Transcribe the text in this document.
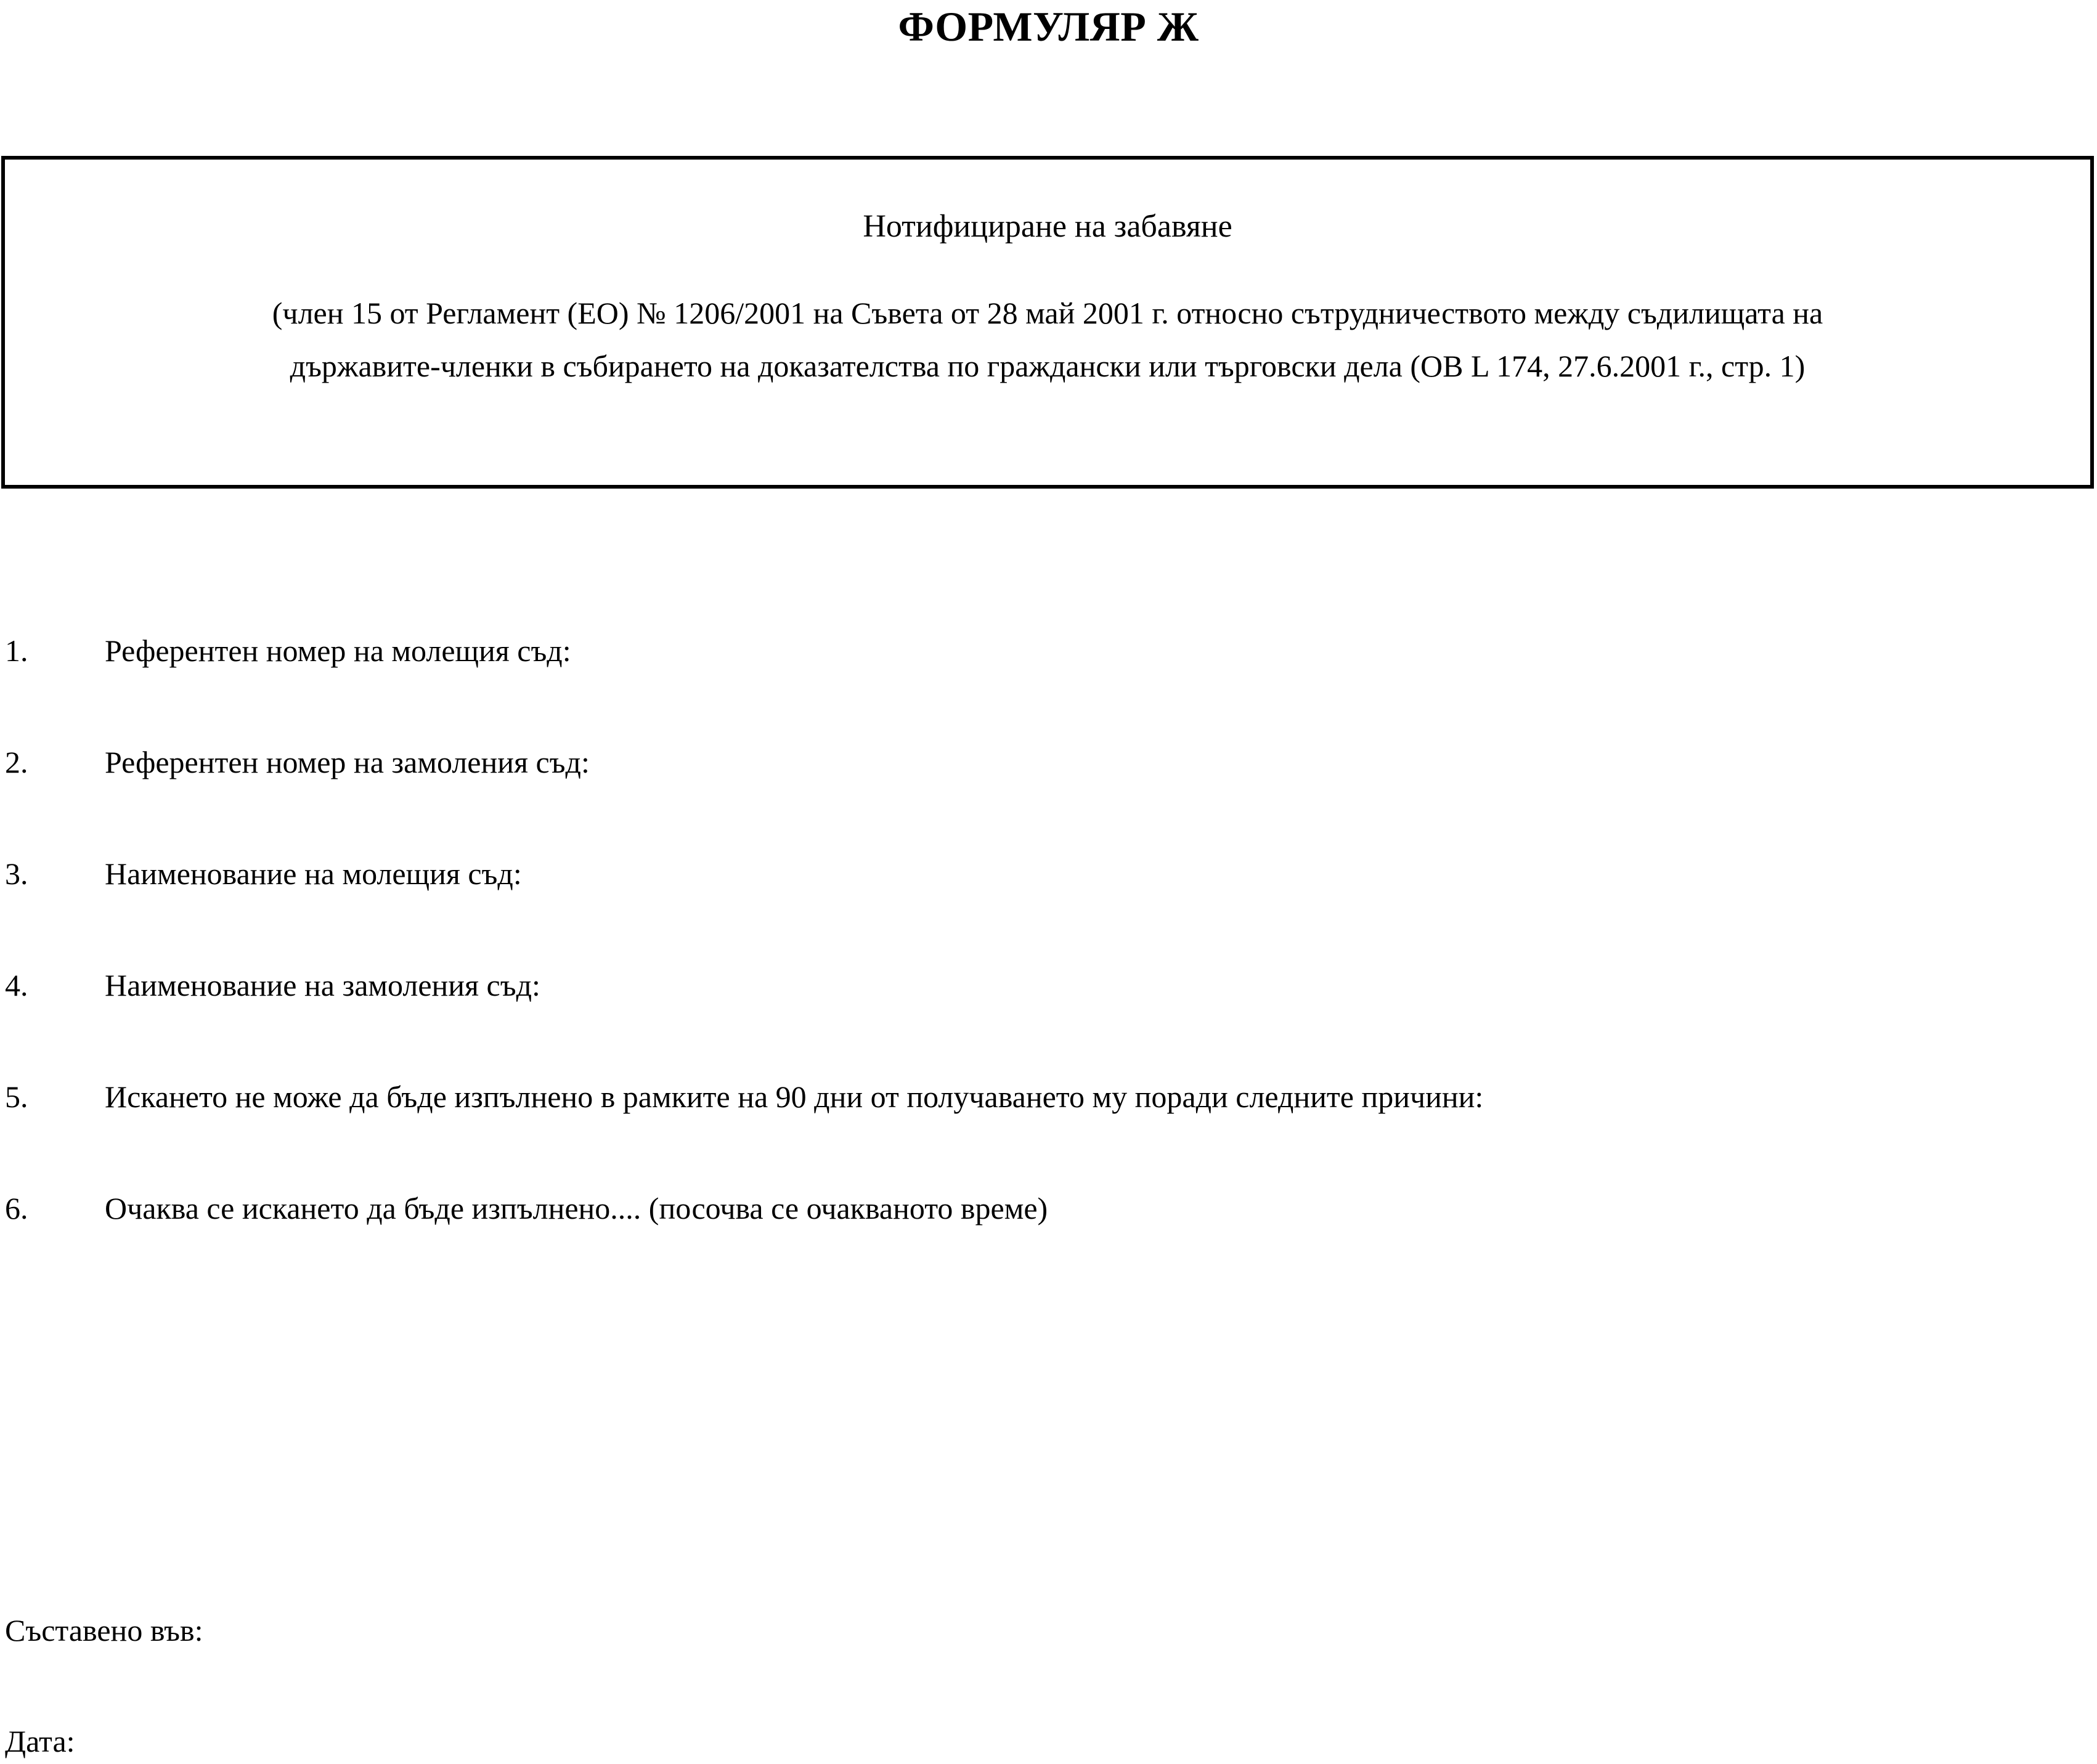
ФОРМУЛЯР Ж
Нотифициране на забавяне
(член 15 от Регламент (ЕО) № 1206/2001 на Съвета от 28 май 2001 г. относно сътрудничеството между съдилищата на
държавите-членки в събирането на доказателства по граждански или търговски дела (ОВ L 174, 27.6.2001 г., стр. 1)
1.	Референтен номер на молещия съд:
2.	Референтен номер на замоления съд:
3.	Наименование на молещия съд:
4.	Наименование на замоления съд:
5.	Искането не може да бъде изпълнено в рамките на 90 дни от получаването му поради следните причини:
6.	Очаква се искането да бъде изпълнено.... (посочва се очакваното време)
Съставено във:
Дата:
